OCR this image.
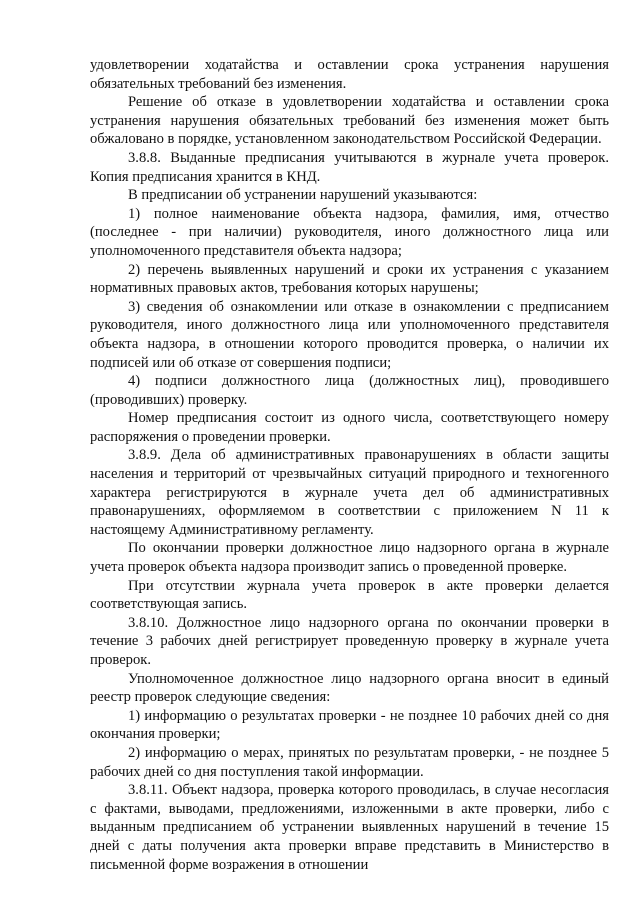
удовлетворении ходатайства и оставлении срока устранения нарушения обязательных требований без изменения.

Решение об отказе в удовлетворении ходатайства и оставлении срока устранения нарушения обязательных требований без изменения может быть обжаловано в порядке, установленном законодательством Российской Федерации.

3.8.8. Выданные предписания учитываются в журнале учета проверок. Копия предписания хранится в КНД.

В предписании об устранении нарушений указываются:

1) полное наименование объекта надзора, фамилия, имя, отчество (последнее - при наличии) руководителя, иного должностного лица или уполномоченного представителя объекта надзора;

2) перечень выявленных нарушений и сроки их устранения с указанием нормативных правовых актов, требования которых нарушены;

3) сведения об ознакомлении или отказе в ознакомлении с предписанием руководителя, иного должностного лица или уполномоченного представителя объекта надзора, в отношении которого проводится проверка, о наличии их подписей или об отказе от совершения подписи;

4) подписи должностного лица (должностных лиц), проводившего (проводивших) проверку.

Номер предписания состоит из одного числа, соответствующего номеру распоряжения о проведении проверки.

3.8.9. Дела об административных правонарушениях в области защиты населения и территорий от чрезвычайных ситуаций природного и техногенного характера регистрируются в журнале учета дел об административных правонарушениях, оформляемом в соответствии с приложением N 11 к настоящему Административному регламенту.

По окончании проверки должностное лицо надзорного органа в журнале учета проверок объекта надзора производит запись о проведенной проверке.

При отсутствии журнала учета проверок в акте проверки делается соответствующая запись.

3.8.10. Должностное лицо надзорного органа по окончании проверки в течение 3 рабочих дней регистрирует проведенную проверку в журнале учета проверок.

Уполномоченное должностное лицо надзорного органа вносит в единый реестр проверок следующие сведения:

1) информацию о результатах проверки - не позднее 10 рабочих дней со дня окончания проверки;

2) информацию о мерах, принятых по результатам проверки, - не позднее 5 рабочих дней со дня поступления такой информации.

3.8.11. Объект надзора, проверка которого проводилась, в случае несогласия с фактами, выводами, предложениями, изложенными в акте проверки, либо с выданным предписанием об устранении выявленных нарушений в течение 15 дней с даты получения акта проверки вправе представить в Министерство в письменной форме возражения в отношении
